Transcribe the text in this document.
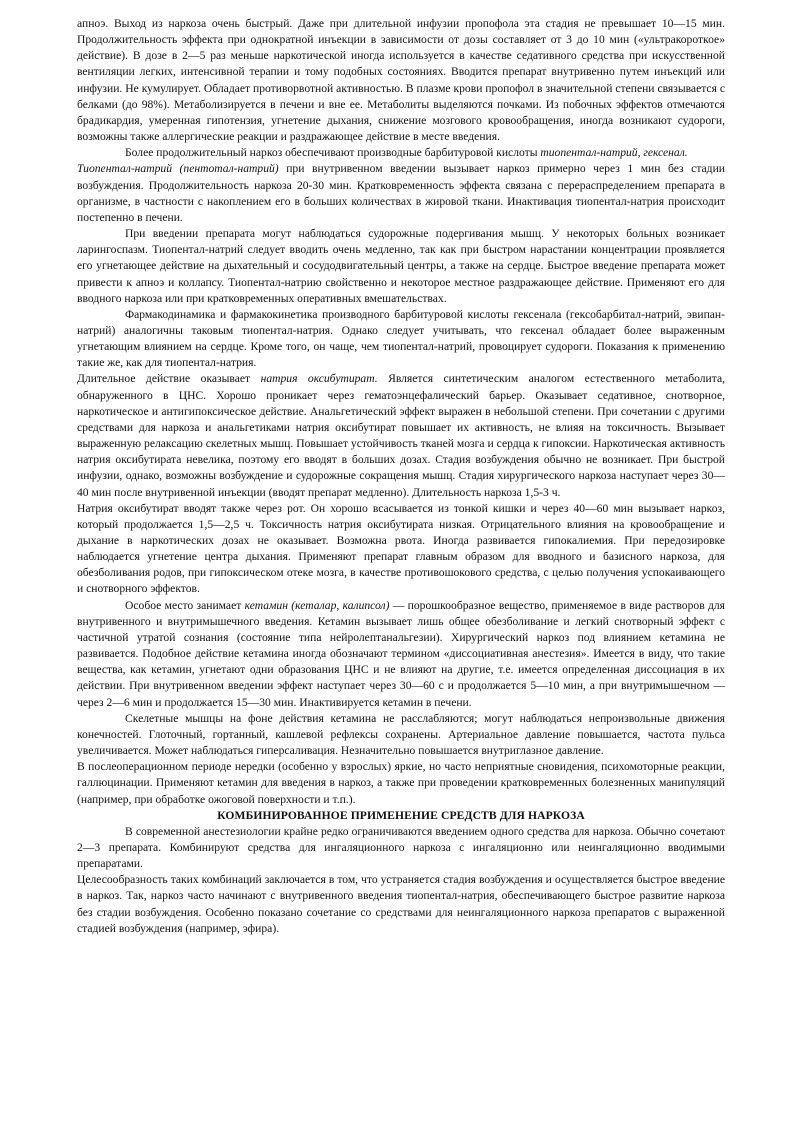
апноэ. Выход из наркоза очень быстрый. Даже при длительной инфузии пропофола эта стадия не превышает 10—15 мин. Продолжительность эффекта при однократной инъекции в зависимости от дозы составляет от 3 до 10 мин («ультракороткое» действие). В дозе в 2—5 раз меньше наркотической иногда используется в качестве седативного средства при искусственной вентиляции легких, интенсивной терапии и тому подобных состояниях. Вводится препарат внутривенно путем инъекций или инфузии. Не кумулирует. Обладает противорвотной активностью. В плазме крови пропофол в значительной степени связывается с белками (до 98%). Метаболизируется в печени и вне ее. Метаболиты выделяются почками. Из побочных эффектов отмечаются брадикардия, умеренная гипотензия, угнетение дыхания, снижение мозгового кровообращения, иногда возникают судороги, возможны также аллергические реакции и раздражающее действие в месте введения.

Более продолжительный наркоз обеспечивают производные барбитуровой кислоты тиопентал-натрий, гексенал.

Тиопентал-натрий (пентотал-натрий) при внутривенном введении вызывает наркоз примерно через 1 мин без стадии возбуждения. Продолжительность наркоза 20-30 мин. Кратковременность эффекта связана с перераспределением препарата в организме, в частности с накоплением его в больших количествах в жировой ткани. Инактивация тиопентал-натрия происходит постепенно в печени.

При введении препарата могут наблюдаться судорожные подергивания мышц. У некоторых больных возникает ларингоспазм. Тиопентал-натрий следует вводить очень медленно, так как при быстром нарастании концентрации проявляется его угнетающее действие на дыхательный и сосудодвигательный центры, а также на сердце. Быстрое введение препарата может привести к апноэ и коллапсу. Тиопентал-натрию свойственно и некоторое местное раздражающее действие. Применяют его для вводного наркоза или при кратковременных оперативных вмешательствах.

Фармакодинамика и фармакокинетика производного барбитуровой кислоты гексенала (гексобарбитал-натрий, эвипан-натрий) аналогичны таковым тиопентал-натрия. Однако следует учитывать, что гексенал обладает более выраженным угнетающим влиянием на сердце. Кроме того, он чаще, чем тиопентал-натрий, провоцирует судороги. Показания к применению такие же, как для тиопентал-натрия.

Длительное действие оказывает натрия оксибутират. Является синтетическим аналогом естественного метаболита, обнаруженного в ЦНС. Хорошо проникает через гематоэнцефалический барьер. Оказывает седативное, снотворное, наркотическое и антигипоксическое действие. Анальгетический эффект выражен в небольшой степени. При сочетании с другими средствами для наркоза и анальгетиками натрия оксибутират повышает их активность, не влияя на токсичность. Вызывает выраженную релаксацию скелетных мышц. Повышает устойчивость тканей мозга и сердца к гипоксии. Наркотическая активность натрия оксибутирата невелика, поэтому его вводят в больших дозах. Стадия возбуждения обычно не возникает. При быстрой инфузии, однако, возможны возбуждение и судорожные сокращения мышц. Стадия хирургического наркоза наступает через 30—40 мин после внутривенной инъекции (вводят препарат медленно). Длительность наркоза 1,5-3 ч.

Натрия оксибутират вводят также через рот. Он хорошо всасывается из тонкой кишки и через 40—60 мин вызывает наркоз, который продолжается 1,5—2,5 ч. Токсичность натрия оксибутирата низкая. Отрицательного влияния на кровообращение и дыхание в наркотических дозах не оказывает. Возможна рвота. Иногда развивается гипокалиемия. При передозировке наблюдается угнетение центра дыхания. Применяют препарат главным образом для вводного и базисного наркоза, для обезболивания родов, при гипоксическом отеке мозга, в качестве противошокового средства, с целью получения успокаивающего и снотворного эффектов.

Особое место занимает кетамин (кеталар, калипсол) — порошкообразное вещество, применяемое в виде растворов для внутривенного и внутримышечного введения. Кетамин вызывает лишь общее обезболивание и легкий снотворный эффект с частичной утратой сознания (состояние типа нейролептанальгезии). Хирургический наркоз под влиянием кетамина не развивается. Подобное действие кетамина иногда обозначают термином «диссоциативная анестезия». Имеется в виду, что такие вещества, как кетамин, угнетают одни образования ЦНС и не влияют на другие, т.е. имеется определенная диссоциация в их действии. При внутривенном введении эффект наступает через 30—60 с и продолжается 5—10 мин, а при внутримышечном — через 2—6 мин и продолжается 15—30 мин. Инактивируется кетамин в печени.

Скелетные мышцы на фоне действия кетамина не расслабляются; могут наблюдаться непроизвольные движения конечностей. Глоточный, гортанный, кашлевой рефлексы сохранены. Артериальное давление повышается, частота пульса увеличивается. Может наблюдаться гиперсаливация. Незначительно повышается внутриглазное давление.

В послеоперационном периоде нередки (особенно у взрослых) яркие, но часто неприятные сновидения, психомоторные реакции, галлюцинации. Применяют кетамин для введения в наркоз, а также при проведении кратковременных болезненных манипуляций (например, при обработке ожоговой поверхности и т.п.).

КОМБИНИРОВАННОЕ ПРИМЕНЕНИЕ СРЕДСТВ ДЛЯ НАРКОЗА

В современной анестезиологии крайне редко ограничиваются введением одного средства для наркоза. Обычно сочетают 2—3 препарата. Комбинируют средства для ингаляционного наркоза с ингаляционно или неингаляционно вводимыми препаратами.

Целесообразность таких комбинаций заключается в том, что устраняется стадия возбуждения и осуществляется быстрое введение в наркоз. Так, наркоз часто начинают с внутривенного введения тиопентал-натрия, обеспечивающего быстрое развитие наркоза без стадии возбуждения. Особенно показано сочетание со средствами для неингаляционного наркоза препаратов с выраженной стадией возбуждения (например, эфира).
